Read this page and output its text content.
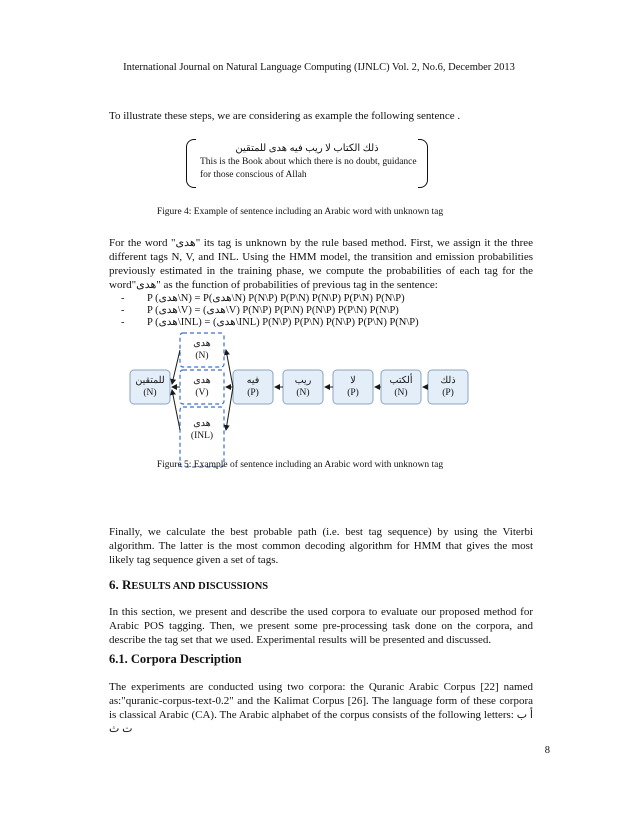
International Journal on Natural Language Computing (IJNLC) Vol. 2, No.6, December 2013
To illustrate these steps, we are considering as example the following sentence .
ذلك الكتاب لا ريب فيه هدى للمتقين
This is the Book about which there is no doubt, guidance for those conscious of Allah
Figure 4: Example of sentence including an Arabic word with unknown tag
For the word "هدى" its tag is unknown by the rule based method. First, we assign it the three different tags N, V, and INL. Using the HMM model, the transition and emission probabilities previously estimated in the training phase, we compute the probabilities of each tag for the word"هدى" as the function of probabilities of previous tag in the sentence:
- P (هدى\N) = P(هدى\N) P(N\P) P(P\N) P(N\P) P(P\N) P(N\P)
- P (هدى\V) = (هدى\V) P(N\P) P(P\N) P(N\P) P(P\N) P(N\P)
- P (هدى\INL) = (هدى\INL) P(N\P) P(P\N) P(N\P) P(P\N) P(N\P)
للمتقين
(N)
هدى
(N)
هدى
(V)
هدى
(INL)
فيه
(P)
ريب
(N)
لا
(P)
ألكتب
(N)
ذلك
(P)
Figure 5: Example of sentence including an Arabic word with unknown tag
Finally, we calculate the best probable path (i.e. best tag sequence) by using the Viterbi algorithm. The latter is the most common decoding algorithm for HMM that gives the most likely tag sequence given a set of tags.
6. RESULTS AND DISCUSSIONS
In this section, we present and describe the used corpora to evaluate our proposed method for Arabic POS tagging. Then, we present some pre-processing task done on the corpora, and describe the tag set that we used. Experimental results will be presented and discussed.
6.1. Corpora Description
The experiments are conducted using two corpora: the Quranic Arabic Corpus [22] named as:"quranic-corpus-text-0.2" and the Kalimat Corpus [26]. The language form of these corpora is classical Arabic (CA). The Arabic alphabet of the corpus consists of the following letters: أ ب ت ث
8
